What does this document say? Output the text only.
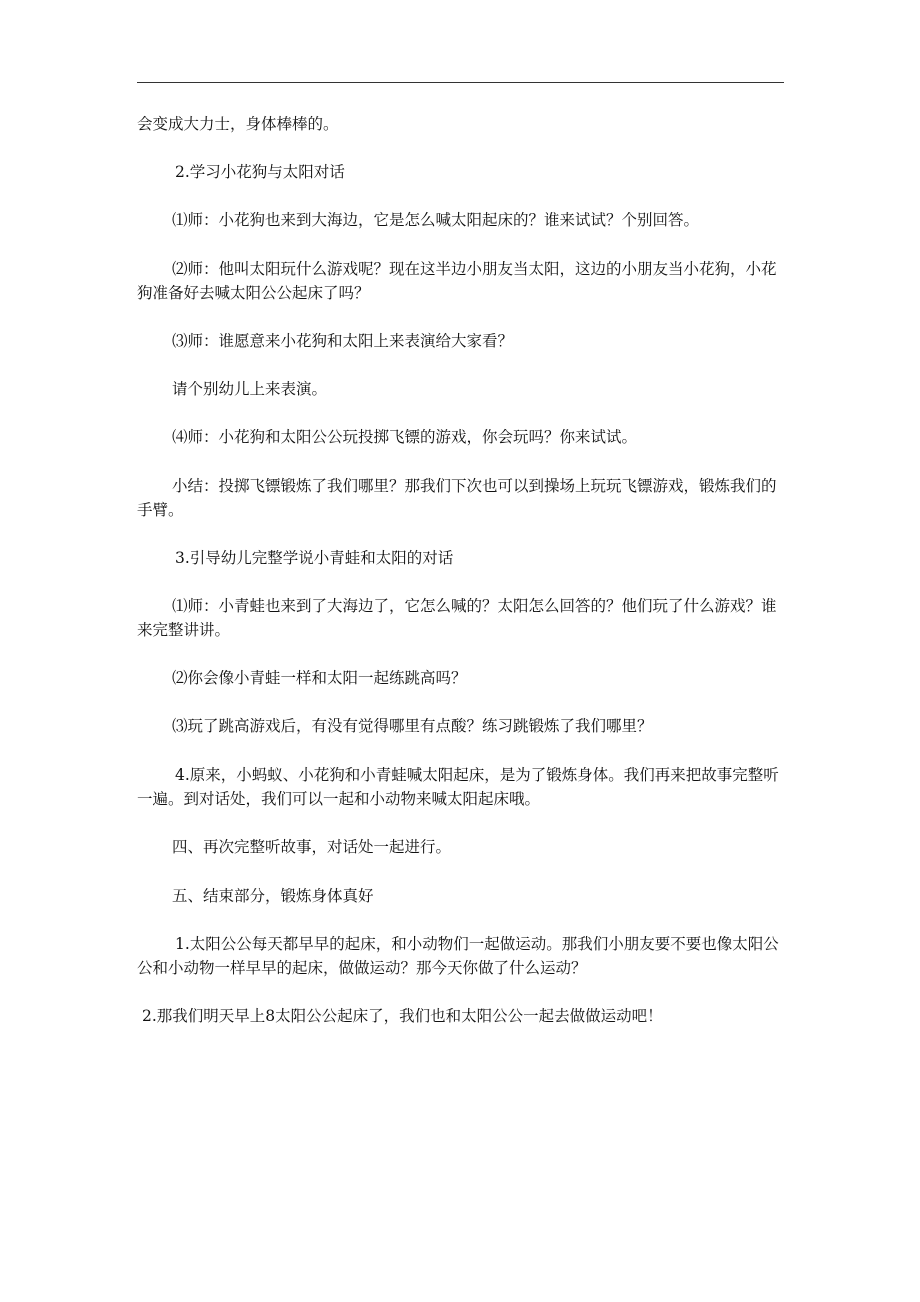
会变成大力士，身体棒棒的。

2.学习小花狗与太阳对话

⑴师：小花狗也来到大海边，它是怎么喊太阳起床的？谁来试试？个别回答。

⑵师：他叫太阳玩什么游戏呢？现在这半边小朋友当太阳，这边的小朋友当小花狗，小花狗准备好去喊太阳公公起床了吗？

⑶师：谁愿意来小花狗和太阳上来表演给大家看？

请个别幼儿上来表演。

⑷师：小花狗和太阳公公玩投掷飞镖的游戏，你会玩吗？你来试试。

小结：投掷飞镖锻炼了我们哪里？那我们下次也可以到操场上玩玩飞镖游戏，锻炼我们的手臂。

3.引导幼儿完整学说小青蛙和太阳的对话

⑴师：小青蛙也来到了大海边了，它怎么喊的？太阳怎么回答的？他们玩了什么游戏？谁来完整讲讲。

⑵你会像小青蛙一样和太阳一起练跳高吗？

⑶玩了跳高游戏后，有没有觉得哪里有点酸？练习跳锻炼了我们哪里？

4.原来，小蚂蚁、小花狗和小青蛙喊太阳起床，是为了锻炼身体。我们再来把故事完整听一遍。到对话处，我们可以一起和小动物来喊太阳起床哦。

四、再次完整听故事，对话处一起进行。

五、结束部分，锻炼身体真好

1.太阳公公每天都早早的起床，和小动物们一起做运动。那我们小朋友要不要也像太阳公公和小动物一样早早的起床，做做运动？那今天你做了什么运动？

2.那我们明天早上8太阳公公起床了，我们也和太阳公公一起去做做运动吧！
